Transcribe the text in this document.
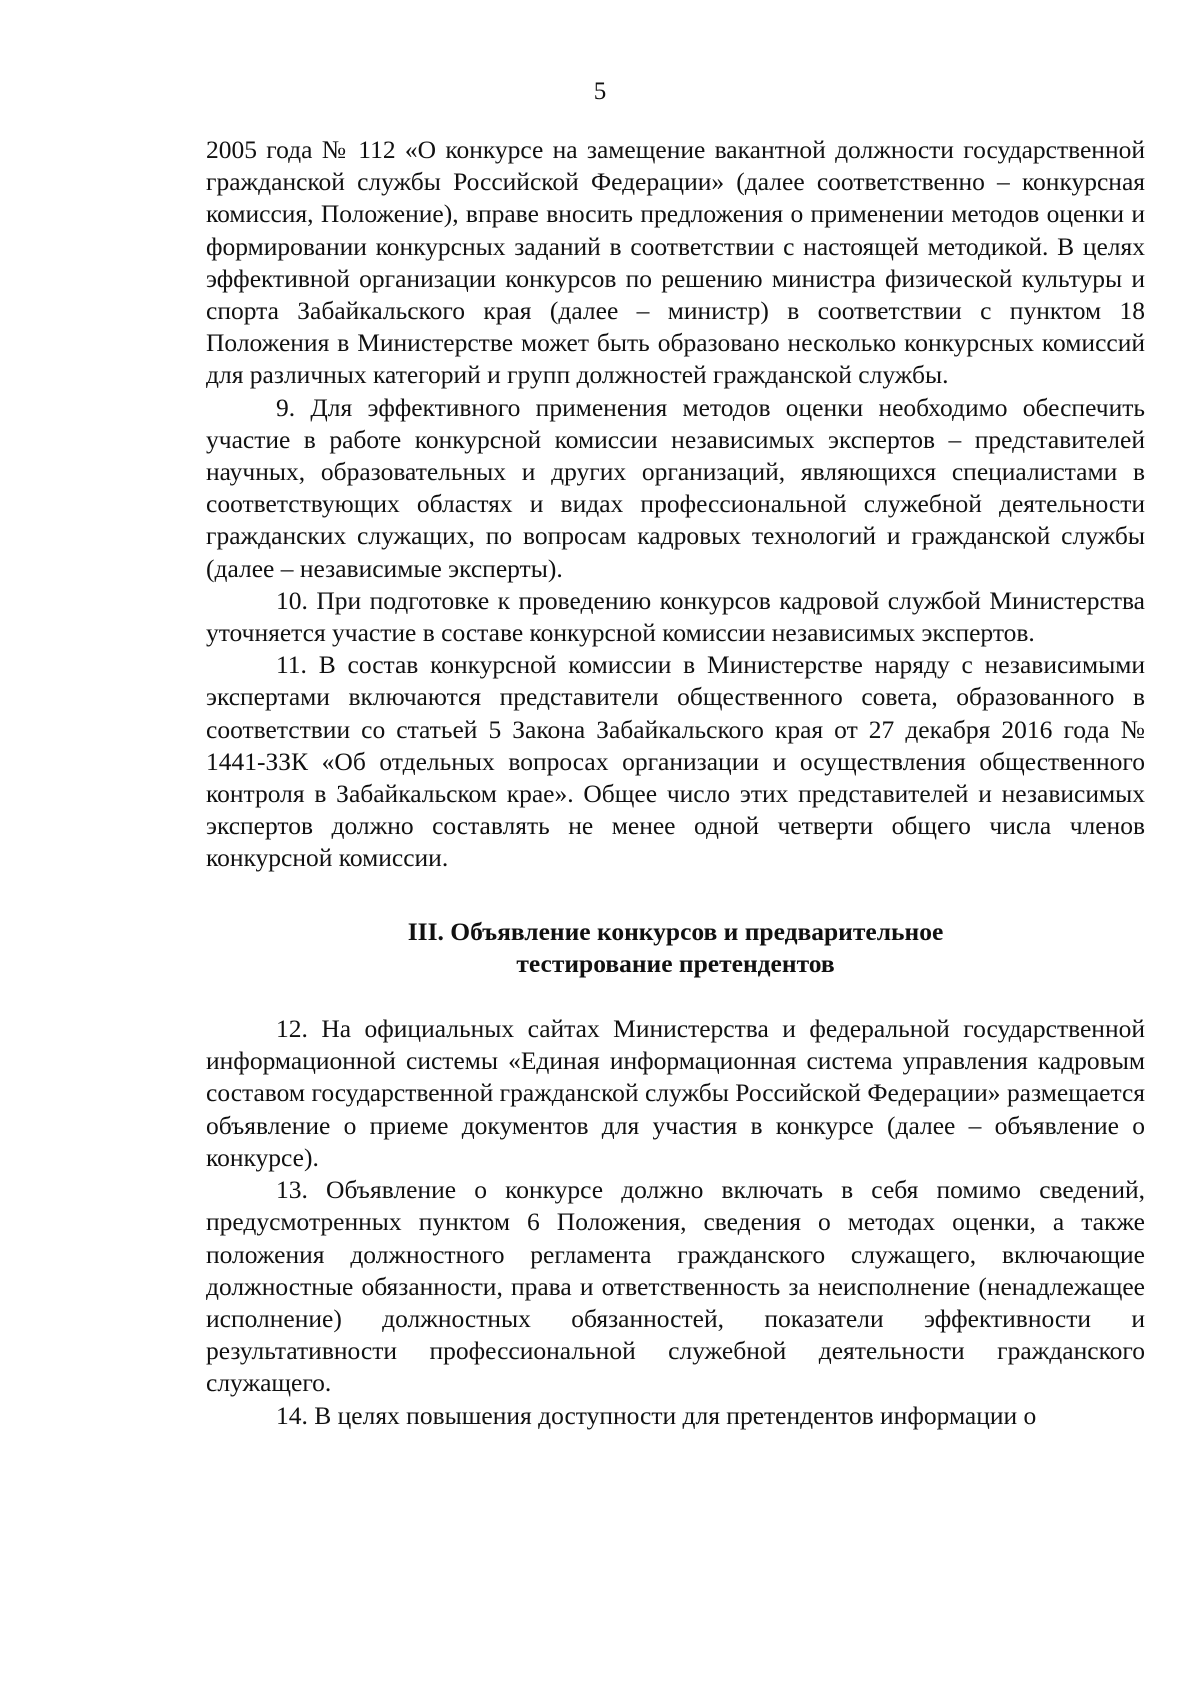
5

2005 года № 112 «О конкурсе на замещение вакантной должности государственной гражданской службы Российской Федерации» (далее соответственно – конкурсная комиссия, Положение), вправе вносить предложения о применении методов оценки и формировании конкурсных заданий в соответствии с настоящей методикой. В целях эффективной организации конкурсов по решению министра физической культуры и спорта Забайкальского края (далее – министр) в соответствии с пунктом 18 Положения в Министерстве может быть образовано несколько конкурсных комиссий для различных категорий и групп должностей гражданской службы.

9. Для эффективного применения методов оценки необходимо обеспечить участие в работе конкурсной комиссии независимых экспертов – представителей научных, образовательных и других организаций, являющихся специалистами в соответствующих областях и видах профессиональной служебной деятельности гражданских служащих, по вопросам кадровых технологий и гражданской службы (далее – независимые эксперты).

10. При подготовке к проведению конкурсов кадровой службой Министерства уточняется участие в составе конкурсной комиссии независимых экспертов.

11. В состав конкурсной комиссии в Министерстве наряду с независимыми экспертами включаются представители общественного совета, образованного в соответствии со статьей 5 Закона Забайкальского края от 27 декабря 2016 года № 1441-ЗЗК «Об отдельных вопросах организации и осуществления общественного контроля в Забайкальском крае». Общее число этих представителей и независимых экспертов должно составлять не менее одной четверти общего числа членов конкурсной комиссии.

III. Объявление конкурсов и предварительное
тестирование претендентов

12. На официальных сайтах Министерства и федеральной государственной информационной системы «Единая информационная система управления кадровым составом государственной гражданской службы Российской Федерации» размещается объявление о приеме документов для участия в конкурсе (далее – объявление о конкурсе).

13. Объявление о конкурсе должно включать в себя помимо сведений, предусмотренных пунктом 6 Положения, сведения о методах оценки, а также положения должностного регламента гражданского служащего, включающие должностные обязанности, права и ответственность за неисполнение (ненадлежащее исполнение) должностных обязанностей, показатели эффективности и результативности профессиональной служебной деятельности гражданского служащего.

14. В целях повышения доступности для претендентов информации о
